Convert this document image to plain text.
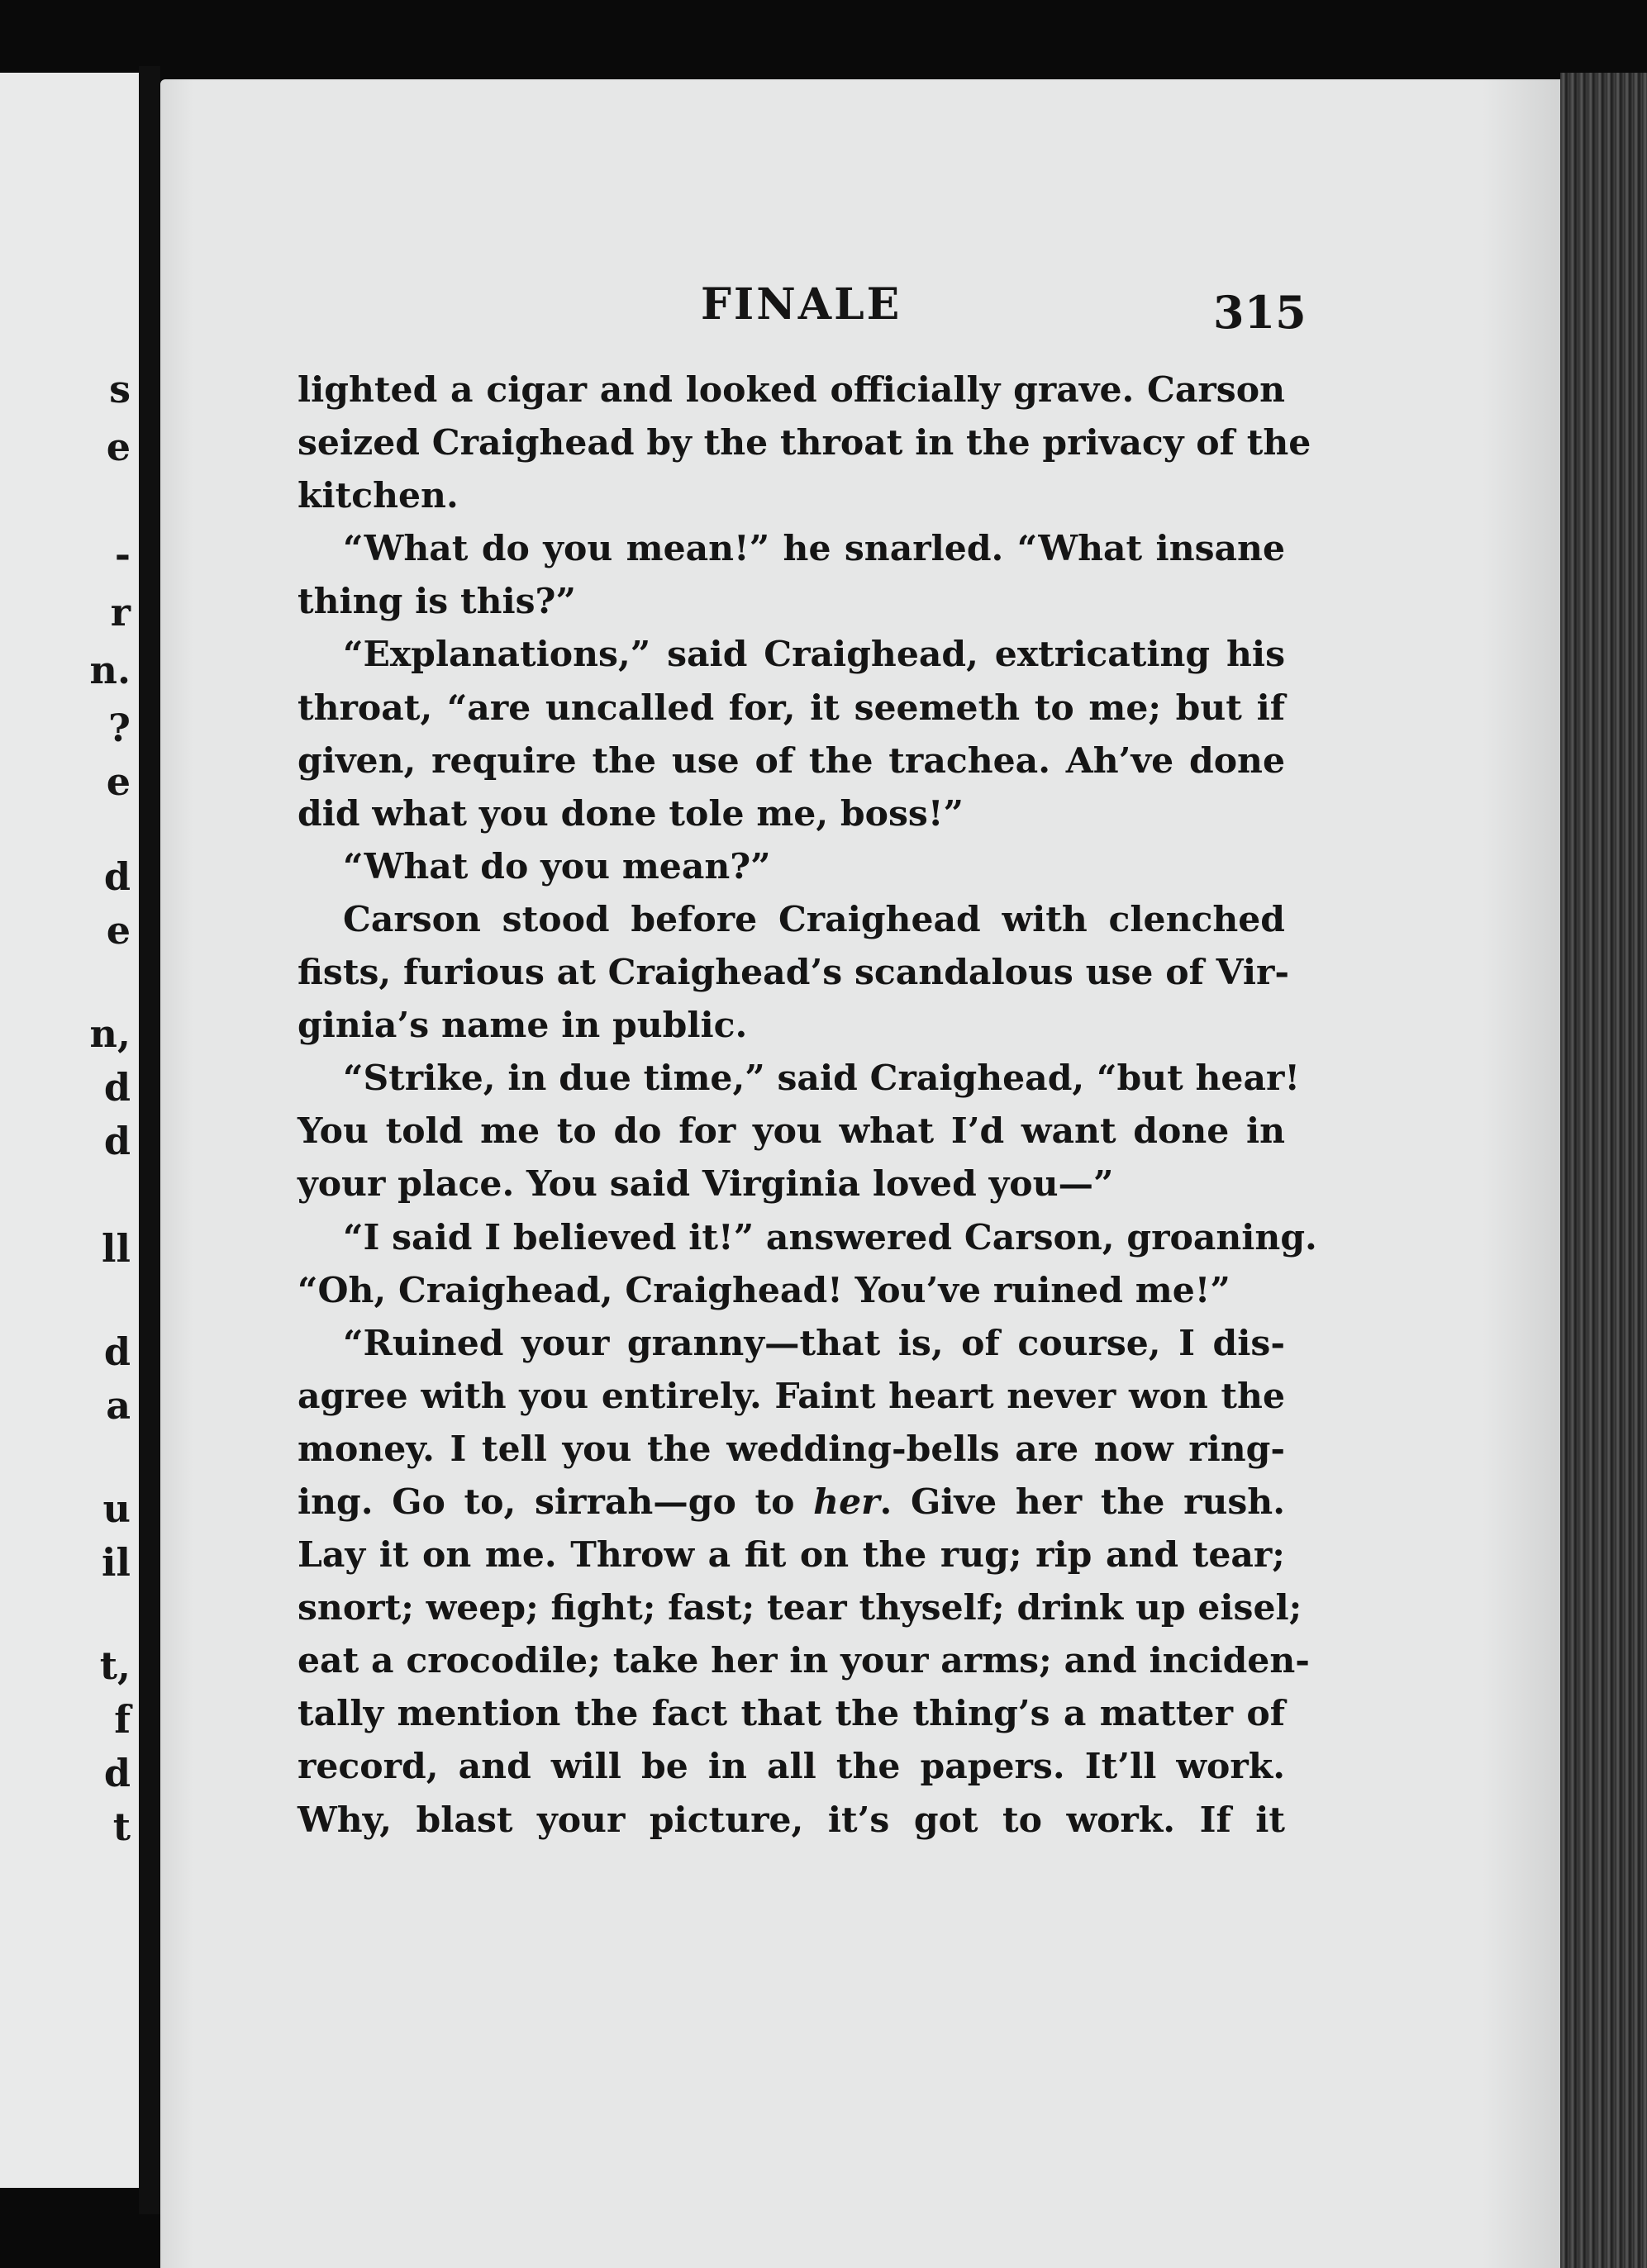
s
e
-
r
n.
?
e
d
e
n,
d
d
ll
d
a
u
il
t,
f
d
t
FINALE	315
lighted a cigar and looked officially grave. Carson
seized Craighead by the throat in the privacy of the
kitchen.
“What do you mean!” he snarled. “What insane
thing is this?”
“Explanations,” said Craighead, extricating his
throat, “are uncalled for, it seemeth to me; but if
given, require the use of the trachea. Ah’ve done
did what you done tole me, boss!”
“What do you mean?”
Carson stood before Craighead with clenched
fists, furious at Craighead’s scandalous use of Vir-
ginia’s name in public.
“Strike, in due time,” said Craighead, “but hear!
You told me to do for you what I’d want done in
your place. You said Virginia loved you—”
“I said I believed it!” answered Carson, groaning.
“Oh, Craighead, Craighead! You’ve ruined me!”
“Ruined your granny—that is, of course, I dis-
agree with you entirely. Faint heart never won the
money. I tell you the wedding-bells are now ring-
ing. Go to, sirrah—go to her. Give her the rush.
Lay it on me. Throw a fit on the rug; rip and tear;
snort; weep; fight; fast; tear thyself; drink up eisel;
eat a crocodile; take her in your arms; and inciden-
tally mention the fact that the thing’s a matter of
record, and will be in all the papers. It’ll work.
Why, blast your picture, it’s got to work. If it
